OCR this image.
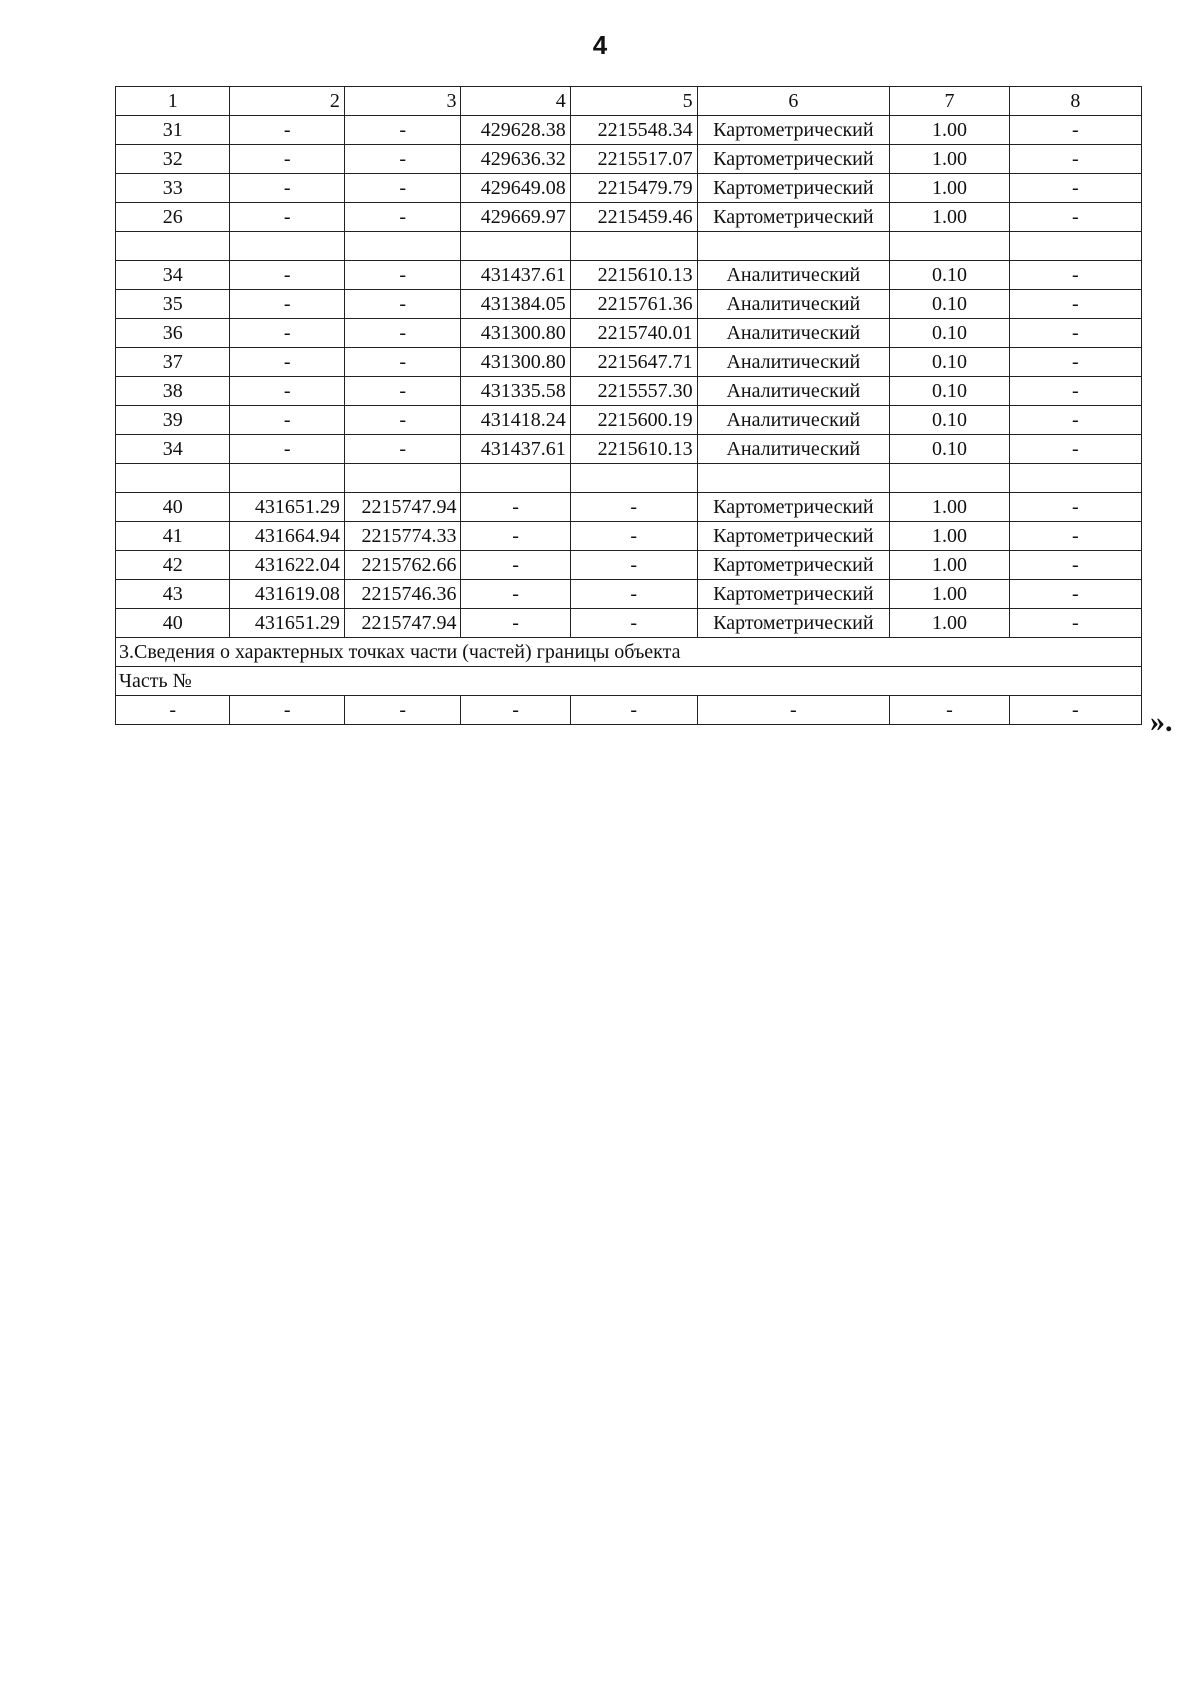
4
1	2	3	4	5	6	7	8
31	-	-	429628.38	2215548.34	Картометрический	1.00	-
32	-	-	429636.32	2215517.07	Картометрический	1.00	-
33	-	-	429649.08	2215479.79	Картометрический	1.00	-
26	-	-	429669.97	2215459.46	Картометрический	1.00	-

34	-	-	431437.61	2215610.13	Аналитический	0.10	-
35	-	-	431384.05	2215761.36	Аналитический	0.10	-
36	-	-	431300.80	2215740.01	Аналитический	0.10	-
37	-	-	431300.80	2215647.71	Аналитический	0.10	-
38	-	-	431335.58	2215557.30	Аналитический	0.10	-
39	-	-	431418.24	2215600.19	Аналитический	0.10	-
34	-	-	431437.61	2215610.13	Аналитический	0.10	-

40	431651.29	2215747.94	-	-	Картометрический	1.00	-
41	431664.94	2215774.33	-	-	Картометрический	1.00	-
42	431622.04	2215762.66	-	-	Картометрический	1.00	-
43	431619.08	2215746.36	-	-	Картометрический	1.00	-
40	431651.29	2215747.94	-	-	Картометрический	1.00	-
3.Сведения о характерных точках части (частей) границы объекта							
Часть №							
-	-	-	-	-	-	-	- ».
